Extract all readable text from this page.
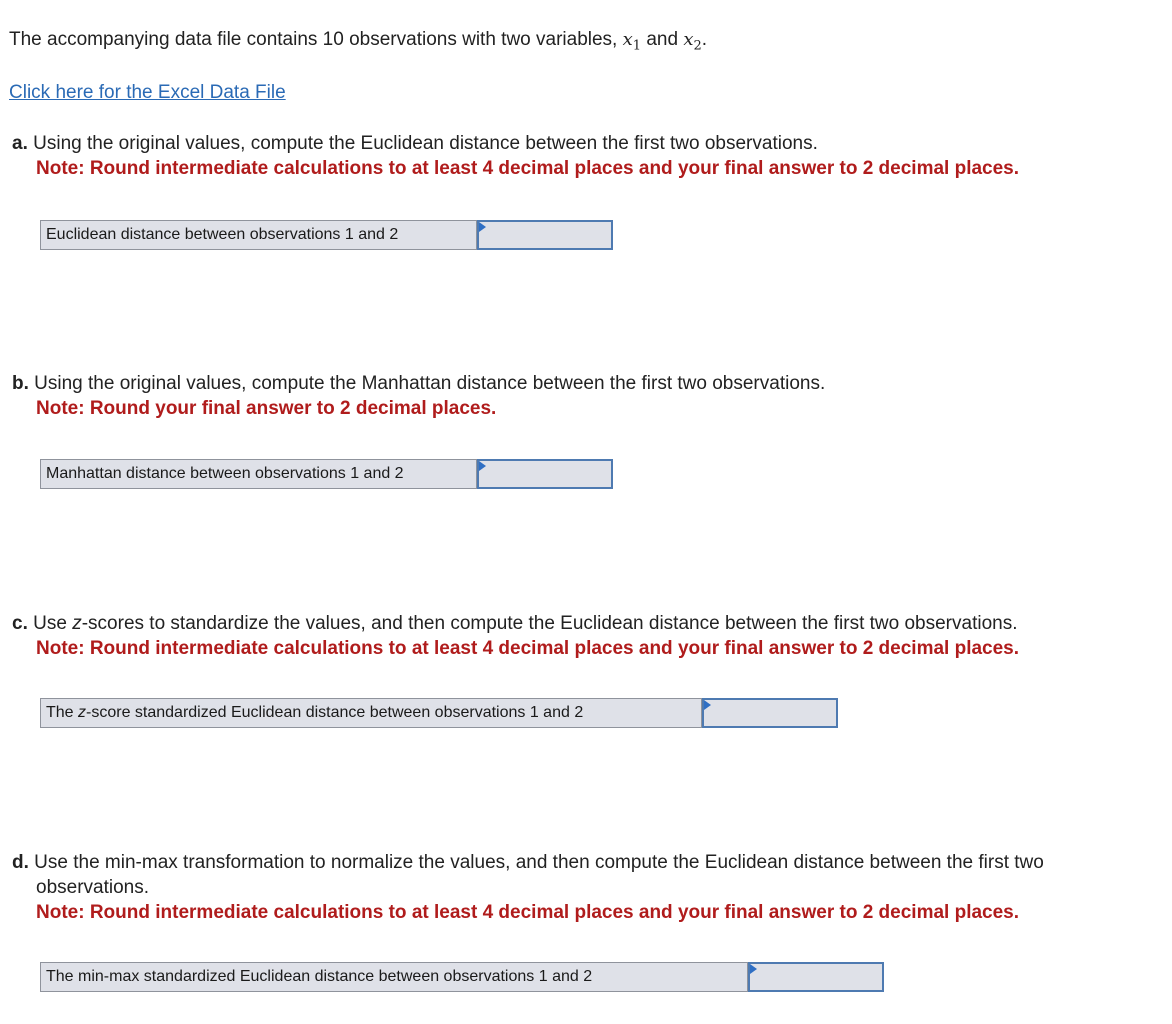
The accompanying data file contains 10 observations with two variables, $x_1$ and $x_2$.
Click here for the Excel Data File
a. Using the original values, compute the Euclidean distance between the first two observations.
Note: Round intermediate calculations to at least 4 decimal places and your final answer to 2 decimal places.
Euclidean distance between observations 1 and 2
b. Using the original values, compute the Manhattan distance between the first two observations.
Note: Round your final answer to 2 decimal places.
Manhattan distance between observations 1 and 2
c. Use z-scores to standardize the values, and then compute the Euclidean distance between the first two observations.
Note: Round intermediate calculations to at least 4 decimal places and your final answer to 2 decimal places.
The z-score standardized Euclidean distance between observations 1 and 2
d. Use the min-max transformation to normalize the values, and then compute the Euclidean distance between the first two
observations.
Note: Round intermediate calculations to at least 4 decimal places and your final answer to 2 decimal places.
The min-max standardized Euclidean distance between observations 1 and 2
